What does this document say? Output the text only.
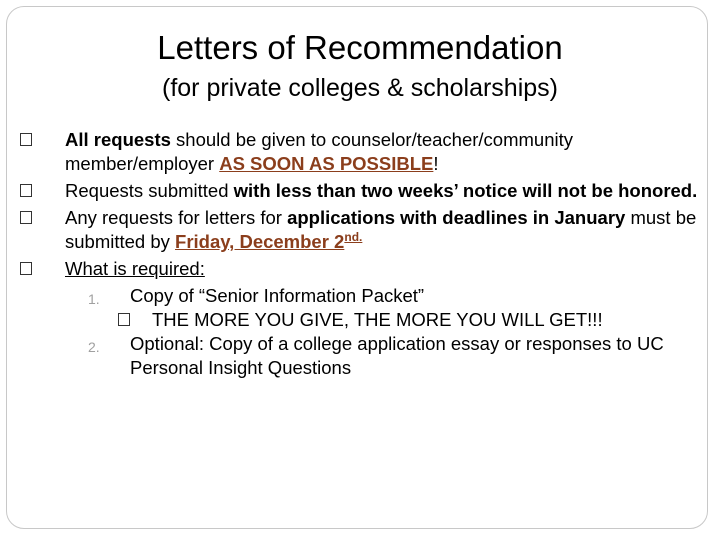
Letters of Recommendation
(for private colleges & scholarships)
All requests should be given to counselor/teacher/community member/employer AS SOON AS POSSIBLE!
Requests submitted with less than two weeks’ notice will not be honored.
Any requests for letters for applications with deadlines in January must be submitted by Friday, December $2^{nd.}$
What is required:
1. Copy of “Senior Information Packet”
THE MORE YOU GIVE, THE MORE YOU WILL GET!!!
2. Optional: Copy of a college application essay or responses to UC Personal Insight Questions
